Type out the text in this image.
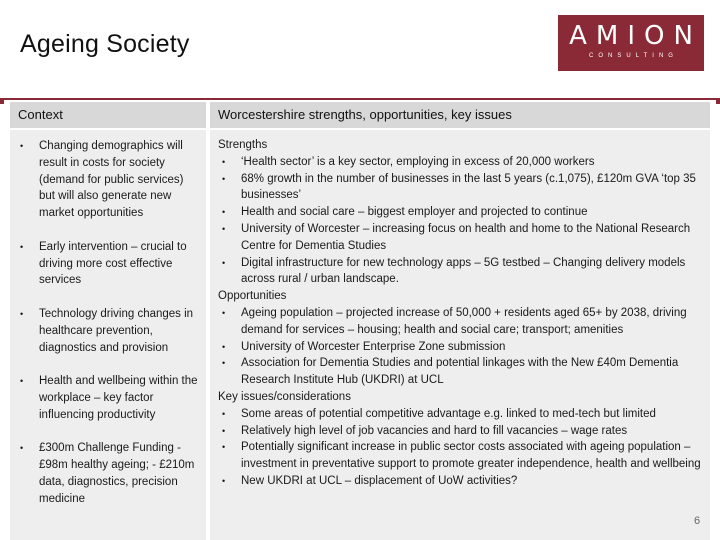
Ageing Society	AMION
CONSULTING
Context	Worcestershire strengths, opportunities, key issues
• Changing demographics will result in costs for society (demand for public services) but will also generate new market opportunities
• Early intervention – crucial to driving more cost effective services
• Technology driving changes in healthcare prevention, diagnostics and provision
• Health and wellbeing within the workplace – key factor influencing productivity
• £300m Challenge Funding - £98m healthy ageing; - £210m data, diagnostics, precision medicine
Strengths
• ‘Health sector’ is a key sector, employing in excess of 20,000 workers
• 68% growth in the number of businesses in the last 5 years (c.1,075), £120m GVA ‘top 35 businesses’
• Health and social care – biggest employer and projected to continue
• University of Worcester – increasing focus on health and home to the National Research Centre for Dementia Studies
• Digital infrastructure for new technology apps – 5G testbed – Changing delivery models across rural / urban landscape.
Opportunities
• Ageing population – projected increase of 50,000 + residents aged 65+ by 2038, driving demand for services – housing; health and social care; transport; amenities
• University of Worcester Enterprise Zone submission
• Association for Dementia Studies and potential linkages with the New £40m Dementia Research Institute Hub (UKDRI) at UCL
Key issues/considerations
• Some areas of potential competitive advantage e.g. linked to med-tech but limited
• Relatively high level of job vacancies and hard to fill vacancies – wage rates
• Potentially significant increase in public sector costs associated with ageing population – investment in preventative support to promote greater independence, health and wellbeing
• New UKDRI at UCL – displacement of UoW activities?
6
